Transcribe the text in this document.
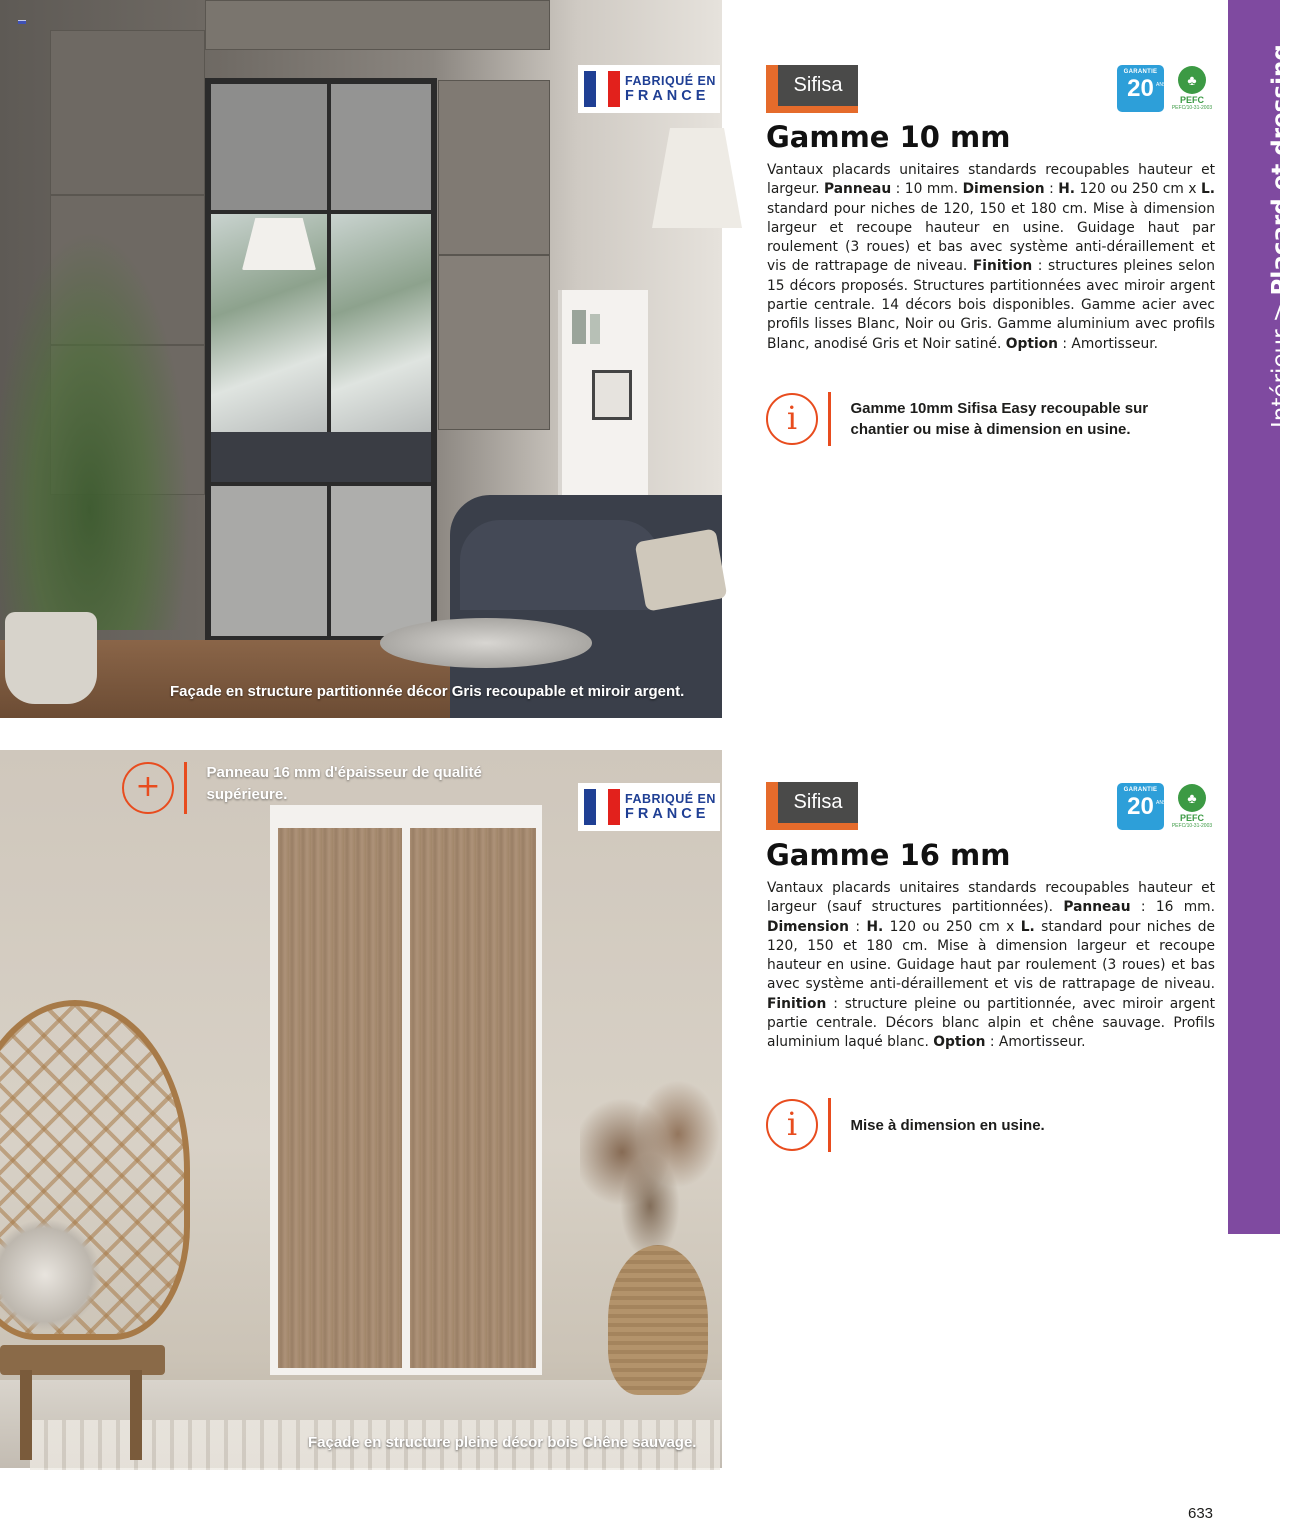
FABRIQUÉ EN
FRANCE
Façade en structure partitionnée décor Gris recoupable et miroir argent.
FABRIQUÉ EN
FRANCE
Façade en structure pleine décor bois Chêne sauvage.
+	Panneau 16 mm d'épaisseur de qualité supérieure.
Sifisa
GARANTIE
20 ANS	♣
PEFC
PEFC/10-31-2003
Gamme 10 mm

Vantaux placards unitaires standards recoupables hauteur et largeur. Panneau : 10 mm. Dimension : H. 120 ou 250 cm x L. standard pour niches de 120, 150 et 180 cm. Mise à dimension largeur et recoupe hauteur en usine. Guidage haut par roulement (3 roues) et bas avec système anti-déraillement et vis de rattrapage de niveau. Finition : structures pleines selon 15 décors proposés. Structures partitionnées avec miroir argent partie centrale. 14 décors bois disponibles. Gamme acier avec profils lisses Blanc, Noir ou Gris. Gamme aluminium avec profils Blanc, anodisé Gris et Noir satiné. Option : Amortisseur.

i	Gamme 10mm Sifisa Easy recoupable sur chantier ou mise à dimension en usine.
Sifisa
GARANTIE
20 ANS	♣
PEFC
PEFC/10-31-2003
Gamme 16 mm

Vantaux placards unitaires standards recoupables hauteur et largeur (sauf structures partitionnées). Panneau : 16 mm. Dimension : H. 120 ou 250 cm x L. standard pour niches de 120, 150 et 180 cm. Mise à dimension largeur et recoupe hauteur en usine. Guidage haut par roulement (3 roues) et bas avec système anti-déraillement et vis de rattrapage de niveau. Finition : structure pleine ou partitionnée, avec miroir argent partie centrale. Décors blanc alpin et chêne sauvage. Profils aluminium laqué blanc. Option : Amortisseur.

i	Mise à dimension en usine.
Intérieur > Placard et dressing
633
